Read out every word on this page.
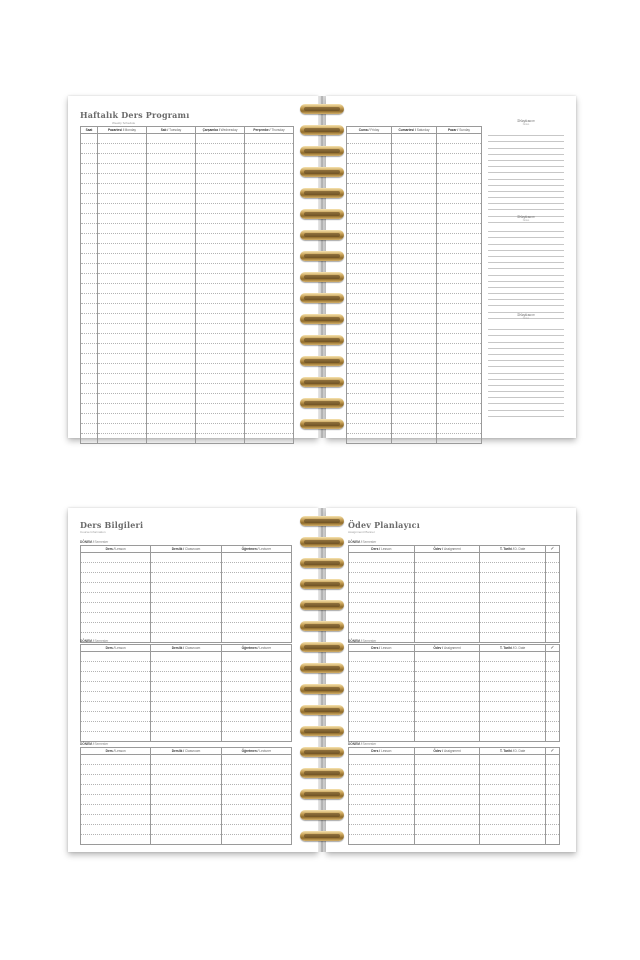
Haftalık Ders Programı
Weekly Schedule
Saat	Pazartesi / Monday	Salı / Tuesday	Çarşamba / Wednesday	Perşembe / Thursday

					Cuma / Friday	Cumartesi / Saturday	Pazar / Sunday

Düşünce
Notes
Düşünce
Notes
Düşünce
Notes
Ders Bilgileri
Course Information
DÖNEM / Semester
Ders / Lesson	Derslik / Classroom	Öğretmen / Lecturer

DÖNEM / Semester
Ders / Lesson	Derslik / Classroom	Öğretmen / Lecturer

DÖNEM / Semester
Ders / Lesson	Derslik / Classroom	Öğretmen / Lecturer

Ödev Planlayıcı
Assignment Planner
DÖNEM / Semester
Ders / Lesson	Ödev / Assignment	T. Tarihi / D. Date	✓

DÖNEM / Semester
Ders / Lesson	Ödev / Assignment	T. Tarihi / D. Date	✓

DÖNEM / Semester
Ders / Lesson	Ödev / Assignment	T. Tarihi / D. Date	✓
